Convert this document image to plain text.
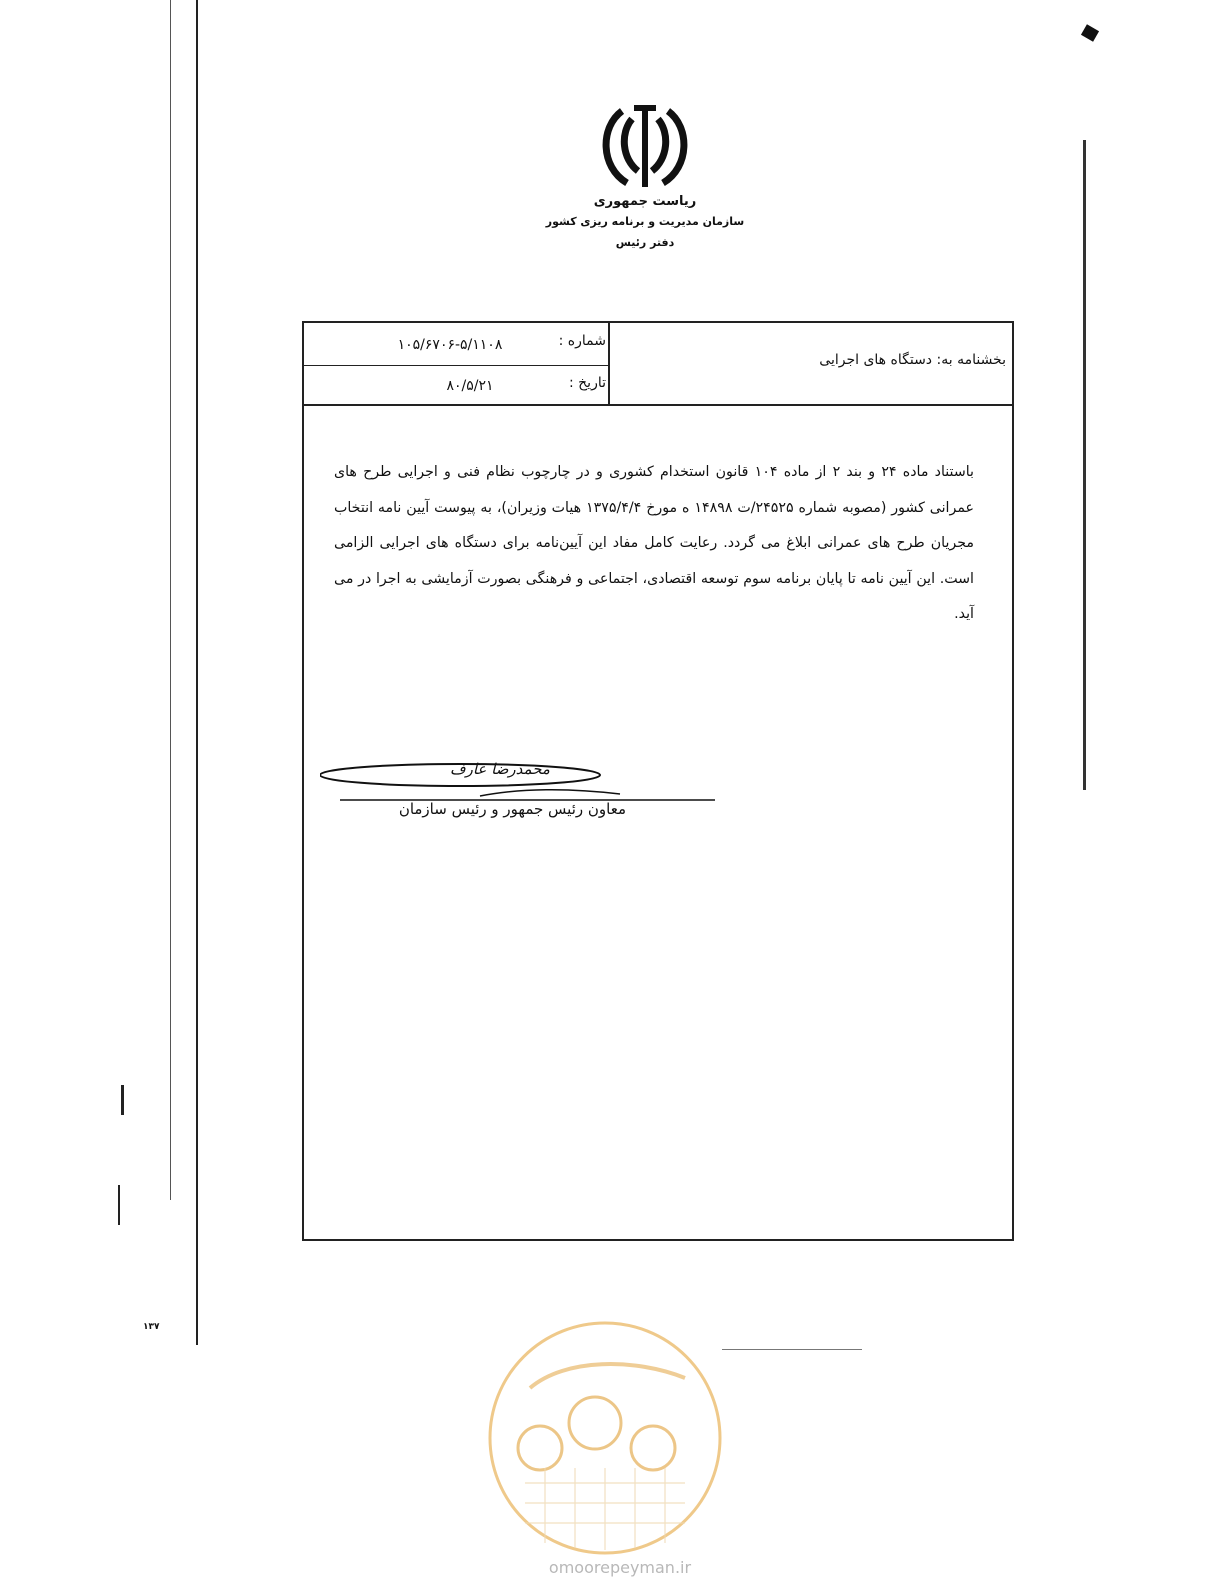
ریاست جمهوری
سازمان مدیریت و برنامه ریزی کشور
دفتر رئیس
بخشنامه به: دستگاه های اجرایی
شماره :
۱۰۵/۶۷۰۶-۵/۱۱۰۸
تاریخ :
۸۰/۵/۲۱
باستناد ماده ۲۴ و بند ۲ از ماده ۱۰۴ قانون استخدام کشوری و در چارچوب نظام فنی و اجرایی طرح های عمرانی کشور (مصوبه شماره ۲۴۵۲۵/ت ۱۴۸۹۸ ه مورخ ۱۳۷۵/۴/۴ هیات وزیران)، به پیوست آیین نامه انتخاب مجریان طرح های عمرانی ابلاغ می گردد. رعایت کامل مفاد این آیین‌نامه برای دستگاه های اجرایی الزامی است. این آیین نامه تا پایان برنامه سوم توسعه اقتصادی، اجتماعی و فرهنگی بصورت آزمایشی به اجرا در می آید.
محمدرضا عارف
معاون رئیس جمهور و رئیس سازمان
۱۳۷
omoorepeyman.ir
